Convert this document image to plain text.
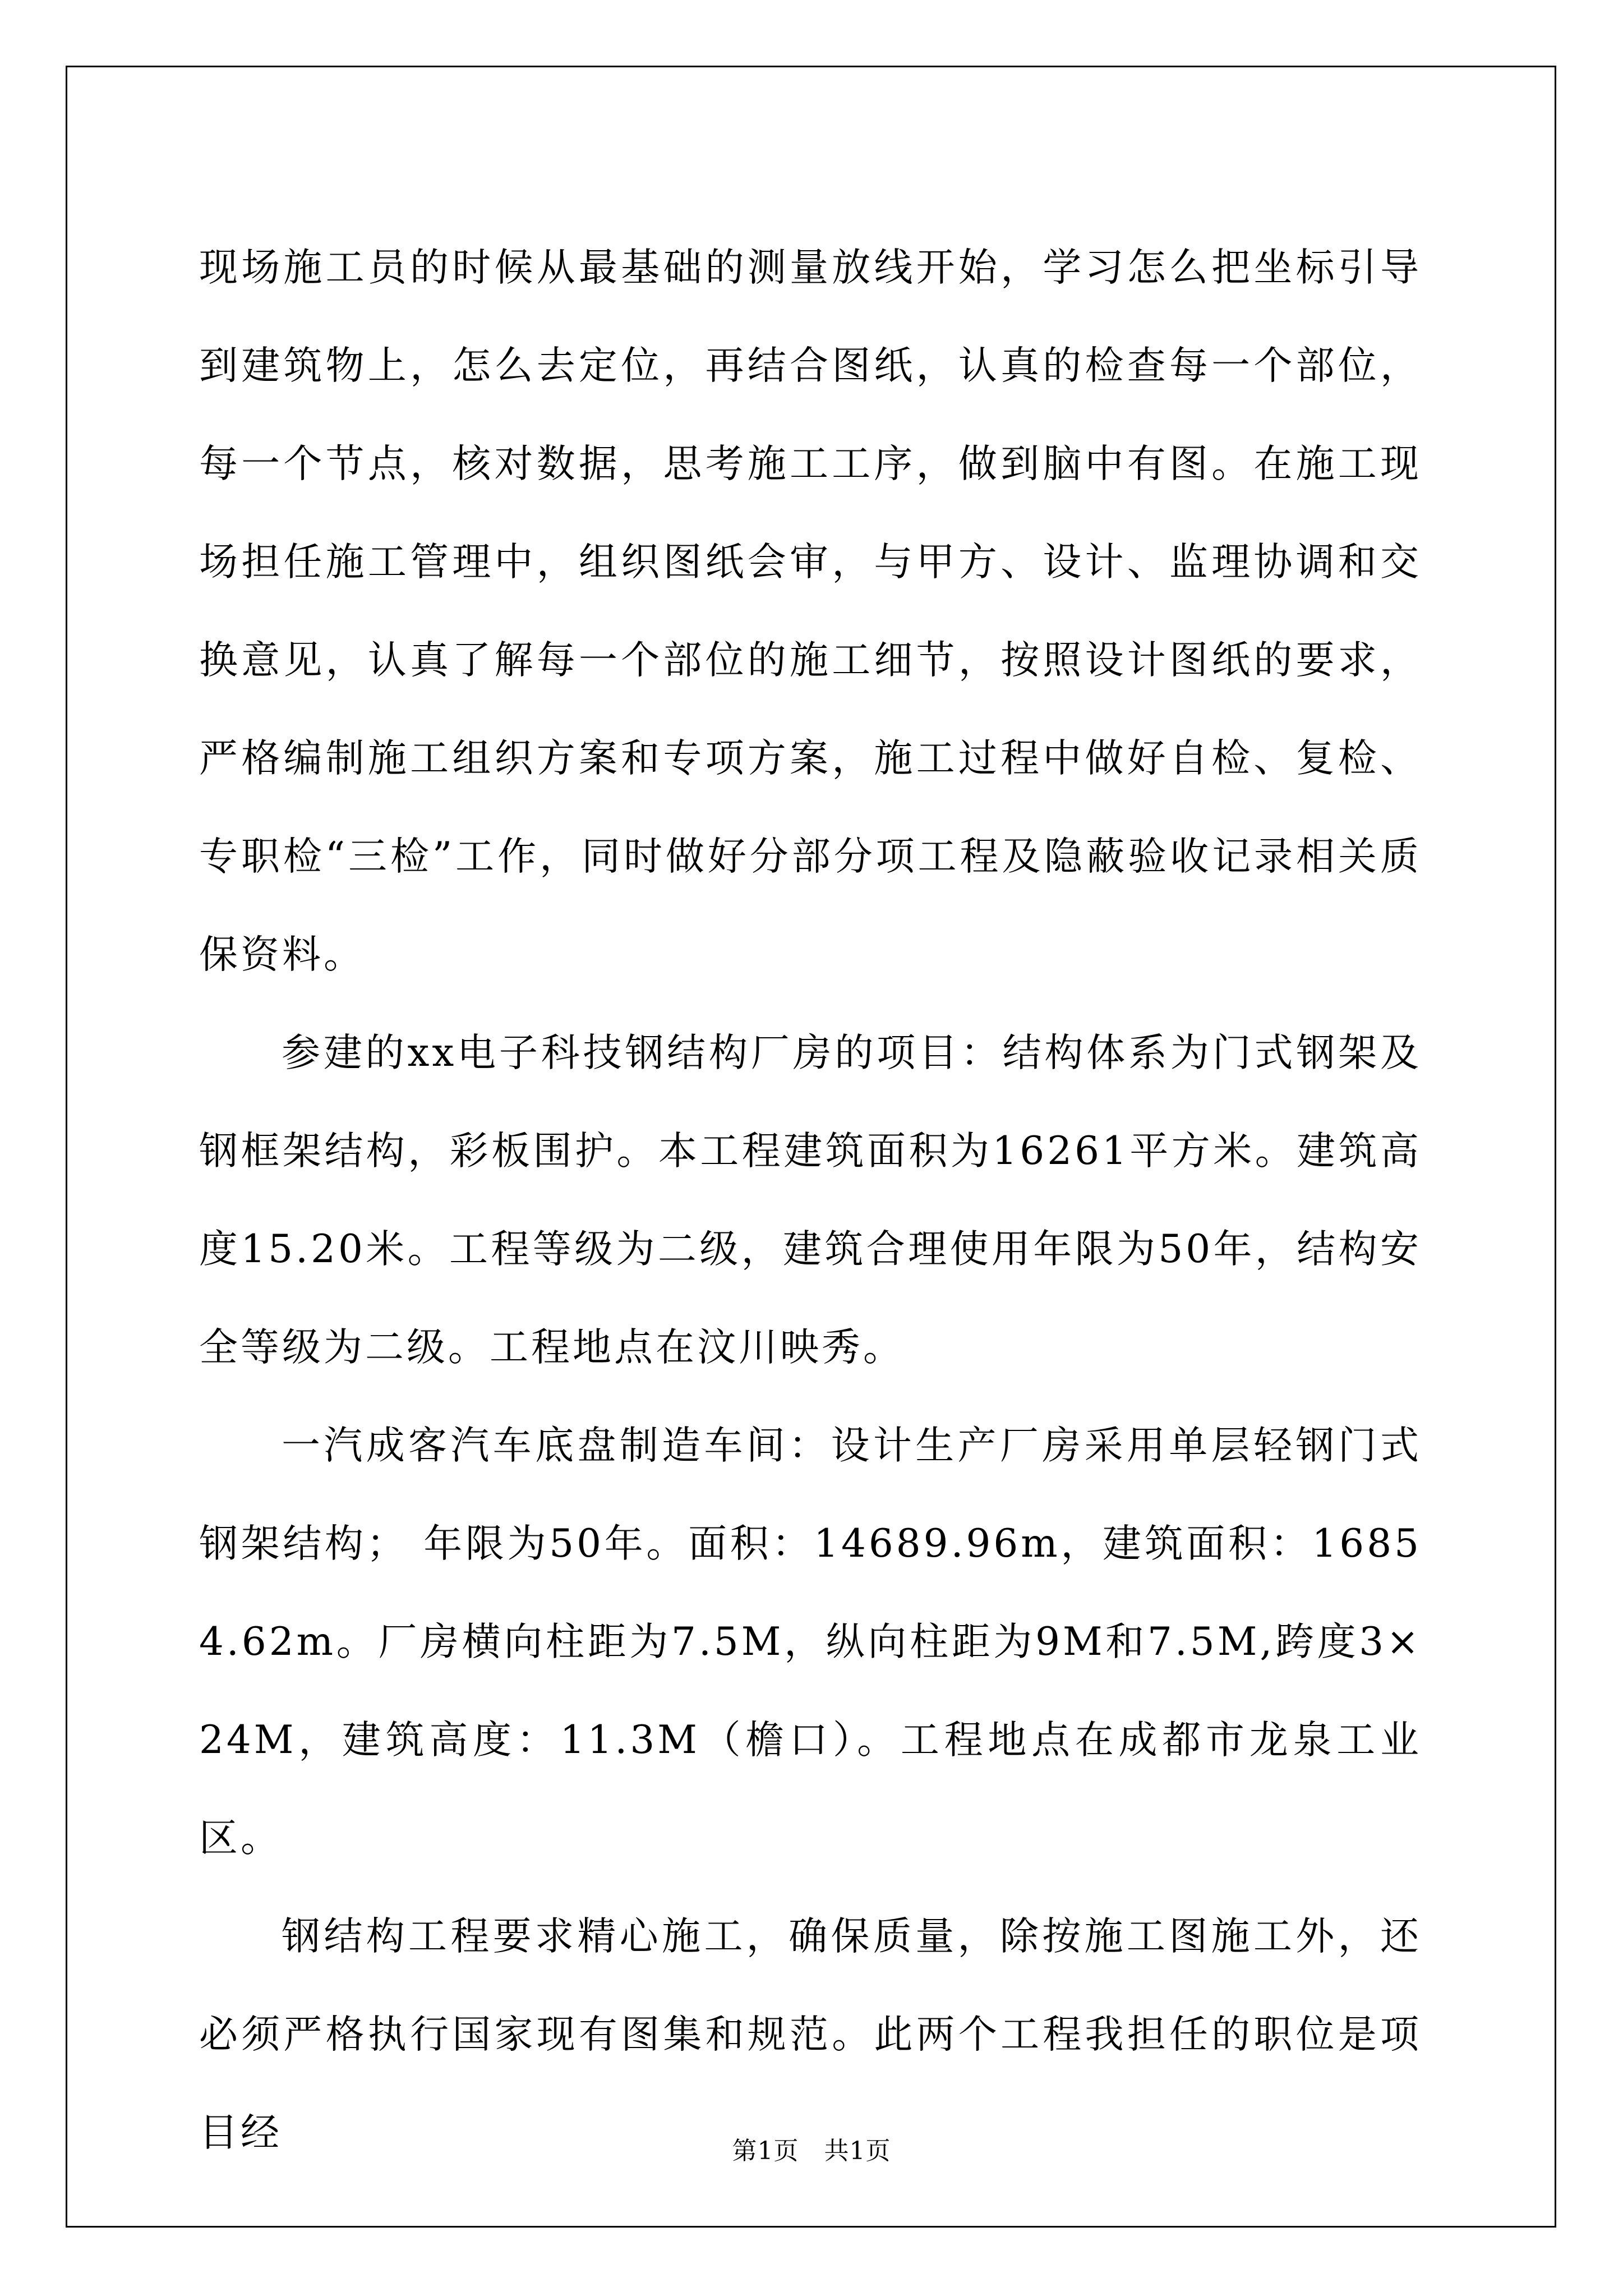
现场施工员的时候从最基础的测量放线开始，学习怎么把坐标引导到建筑物上，怎么去定位，再结合图纸，认真的检查每一个部位，每一个节点，核对数据，思考施工工序，做到脑中有图。在施工现场担任施工管理中，组织图纸会审，与甲方、设计、监理协调和交换意见，认真了解每一个部位的施工细节，按照设计图纸的要求，严格编制施工组织方案和专项方案，施工过程中做好自检、复检、专职检“三检”工作，同时做好分部分项工程及隐蔽验收记录相关质保资料。

参建的xx电子科技钢结构厂房的项目：结构体系为门式钢架及钢框架结构，彩板围护。本工程建筑面积为16261平方米。建筑高度15.20米。工程等级为二级，建筑合理使用年限为50年，结构安全等级为二级。工程地点在汶川映秀。

一汽成客汽车底盘制造车间：设计生产厂房采用单层轻钢门式钢架结构； 年限为50年。面积：14689.96m，建筑面积：16854.62m。厂房横向柱距为7.5M，纵向柱距为9M和7.5M,跨度3×24M，建筑高度：11.3M（檐口）。工程地点在成都市龙泉工业区。

钢结构工程要求精心施工，确保质量，除按施工图施工外，还必须严格执行国家现有图集和规范。此两个工程我担任的职位是项目经	第1页   共1页
